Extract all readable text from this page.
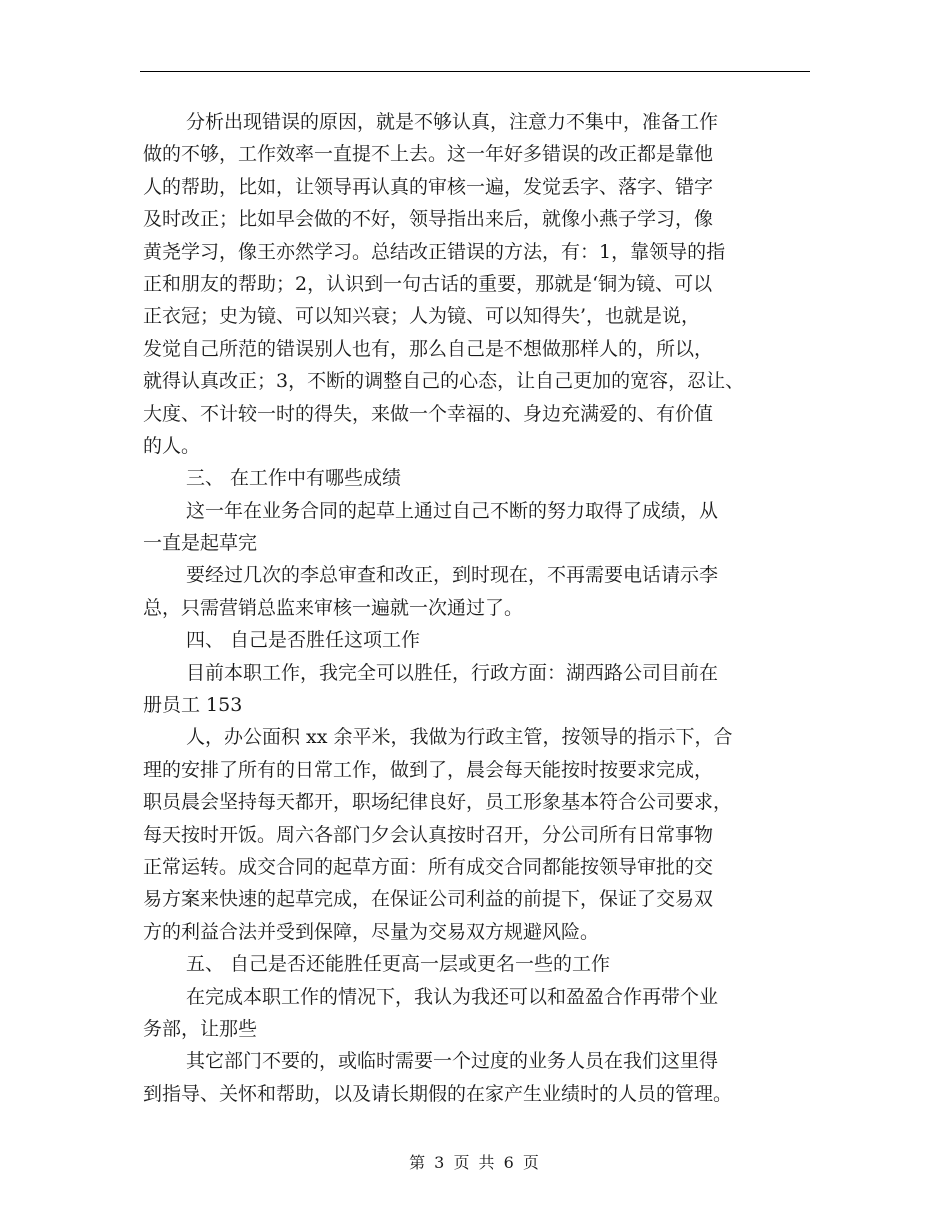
分析出现错误的原因，就是不够认真，注意力不集中，准备工作
做的不够，工作效率一直提不上去。这一年好多错误的改正都是靠他
人的帮助，比如，让领导再认真的审核一遍，发觉丢字、落字、错字
及时改正；比如早会做的不好，领导指出来后，就像小燕子学习，像
黄尧学习，像王亦然学习。总结改正错误的方法，有：1，靠领导的指
正和朋友的帮助；2，认识到一句古话的重要，那就是‘铜为镜、可以
正衣冠；史为镜、可以知兴衰；人为镜、可以知得失’，也就是说，
发觉自己所范的错误别人也有，那么自己是不想做那样人的，所以，
就得认真改正；3，不断的调整自己的心态，让自己更加的宽容，忍让、
大度、不计较一时的得失，来做一个幸福的、身边充满爱的、有价值
的人。
三、 在工作中有哪些成绩
这一年在业务合同的起草上通过自己不断的努力取得了成绩，从
一直是起草完
要经过几次的李总审查和改正，到时现在，不再需要电话请示李
总，只需营销总监来审核一遍就一次通过了。
四、 自己是否胜任这项工作
目前本职工作，我完全可以胜任，行政方面：湖西路公司目前在
册员工 153
人，办公面积 xx 余平米，我做为行政主管，按领导的指示下，合
理的安排了所有的日常工作，做到了，晨会每天能按时按要求完成，
职员晨会坚持每天都开，职场纪律良好，员工形象基本符合公司要求，
每天按时开饭。周六各部门夕会认真按时召开，分公司所有日常事物
正常运转。成交合同的起草方面：所有成交合同都能按领导审批的交
易方案来快速的起草完成，在保证公司利益的前提下，保证了交易双
方的利益合法并受到保障，尽量为交易双方规避风险。
五、 自己是否还能胜任更高一层或更名一些的工作
在完成本职工作的情况下，我认为我还可以和盈盈合作再带个业
务部，让那些
其它部门不要的，或临时需要一个过度的业务人员在我们这里得
到指导、关怀和帮助，以及请长期假的在家产生业绩时的人员的管理。
第 3 页 共 6 页
